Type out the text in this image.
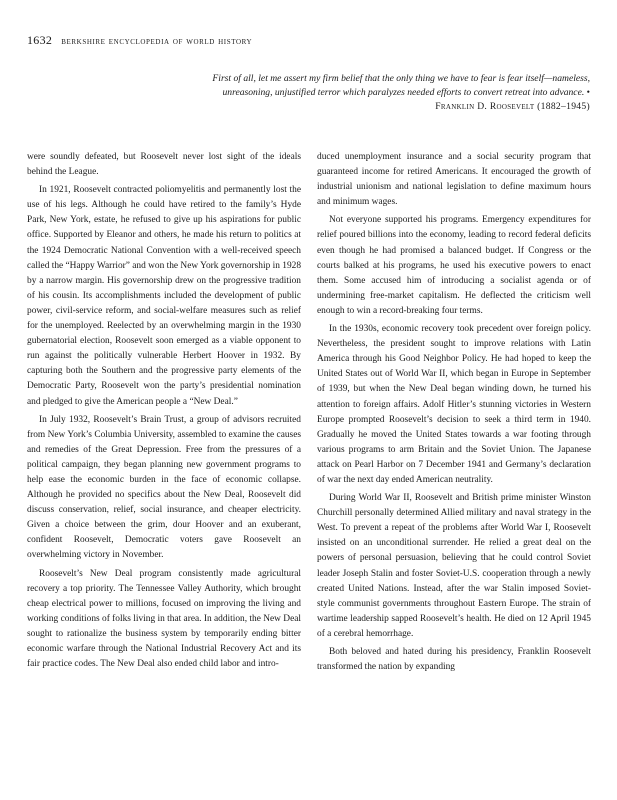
1632 berkshire encyclopedia of world history
First of all, let me assert my firm belief that the only thing we have to fear is fear itself—nameless, unreasoning, unjustified terror which paralyzes needed efforts to convert retreat into advance. • Franklin D. Roosevelt (1882–1945)

were soundly defeated, but Roosevelt never lost sight of the ideals behind the League.

In 1921, Roosevelt contracted poliomyelitis and permanently lost the use of his legs. Although he could have retired to the family’s Hyde Park, New York, estate, he refused to give up his aspirations for public office. Supported by Eleanor and others, he made his return to politics at the 1924 Democratic National Convention with a well-received speech called the “Happy Warrior” and won the New York governorship in 1928 by a narrow margin. His governorship drew on the progressive tradition of his cousin. Its accomplishments included the development of public power, civil-service reform, and social-welfare measures such as relief for the unemployed. Reelected by an overwhelming margin in the 1930 gubernatorial election, Roosevelt soon emerged as a viable opponent to run against the politically vulnerable Herbert Hoover in 1932. By capturing both the Southern and the progressive party elements of the Democratic Party, Roosevelt won the party’s presidential nomination and pledged to give the American people a “New Deal.”

In July 1932, Roosevelt’s Brain Trust, a group of advisors recruited from New York’s Columbia University, assembled to examine the causes and remedies of the Great Depression. Free from the pressures of a political campaign, they began planning new government programs to help ease the economic burden in the face of economic collapse. Although he provided no specifics about the New Deal, Roosevelt did discuss conservation, relief, social insurance, and cheaper electricity. Given a choice between the grim, dour Hoover and an exuberant, confident Roosevelt, Democratic voters gave Roosevelt an overwhelming victory in November.

Roosevelt’s New Deal program consistently made agricultural recovery a top priority. The Tennessee Valley Authority, which brought cheap electrical power to millions, focused on improving the living and working conditions of folks living in that area. In addition, the New Deal sought to rationalize the business system by temporarily ending bitter economic warfare through the National Industrial Recovery Act and its fair practice codes. The New Deal also ended child labor and intro-

duced unemployment insurance and a social security program that guaranteed income for retired Americans. It encouraged the growth of industrial unionism and national legislation to define maximum hours and minimum wages.

Not everyone supported his programs. Emergency expenditures for relief poured billions into the economy, leading to record federal deficits even though he had promised a balanced budget. If Congress or the courts balked at his programs, he used his executive powers to enact them. Some accused him of introducing a socialist agenda or of undermining free-market capitalism. He deflected the criticism well enough to win a record-breaking four terms.

In the 1930s, economic recovery took precedent over foreign policy. Nevertheless, the president sought to improve relations with Latin America through his Good Neighbor Policy. He had hoped to keep the United States out of World War II, which began in Europe in September of 1939, but when the New Deal began winding down, he turned his attention to foreign affairs. Adolf Hitler’s stunning victories in Western Europe prompted Roosevelt’s decision to seek a third term in 1940. Gradually he moved the United States towards a war footing through various programs to arm Britain and the Soviet Union. The Japanese attack on Pearl Harbor on 7 December 1941 and Germany’s declaration of war the next day ended American neutrality.

During World War II, Roosevelt and British prime minister Winston Churchill personally determined Allied military and naval strategy in the West. To prevent a repeat of the problems after World War I, Roosevelt insisted on an unconditional surrender. He relied a great deal on the powers of personal persuasion, believing that he could control Soviet leader Joseph Stalin and foster Soviet-U.S. cooperation through a newly created United Nations. Instead, after the war Stalin imposed Soviet-style communist governments throughout Eastern Europe. The strain of wartime leadership sapped Roosevelt’s health. He died on 12 April 1945 of a cerebral hemorrhage.

Both beloved and hated during his presidency, Franklin Roosevelt transformed the nation by expanding
